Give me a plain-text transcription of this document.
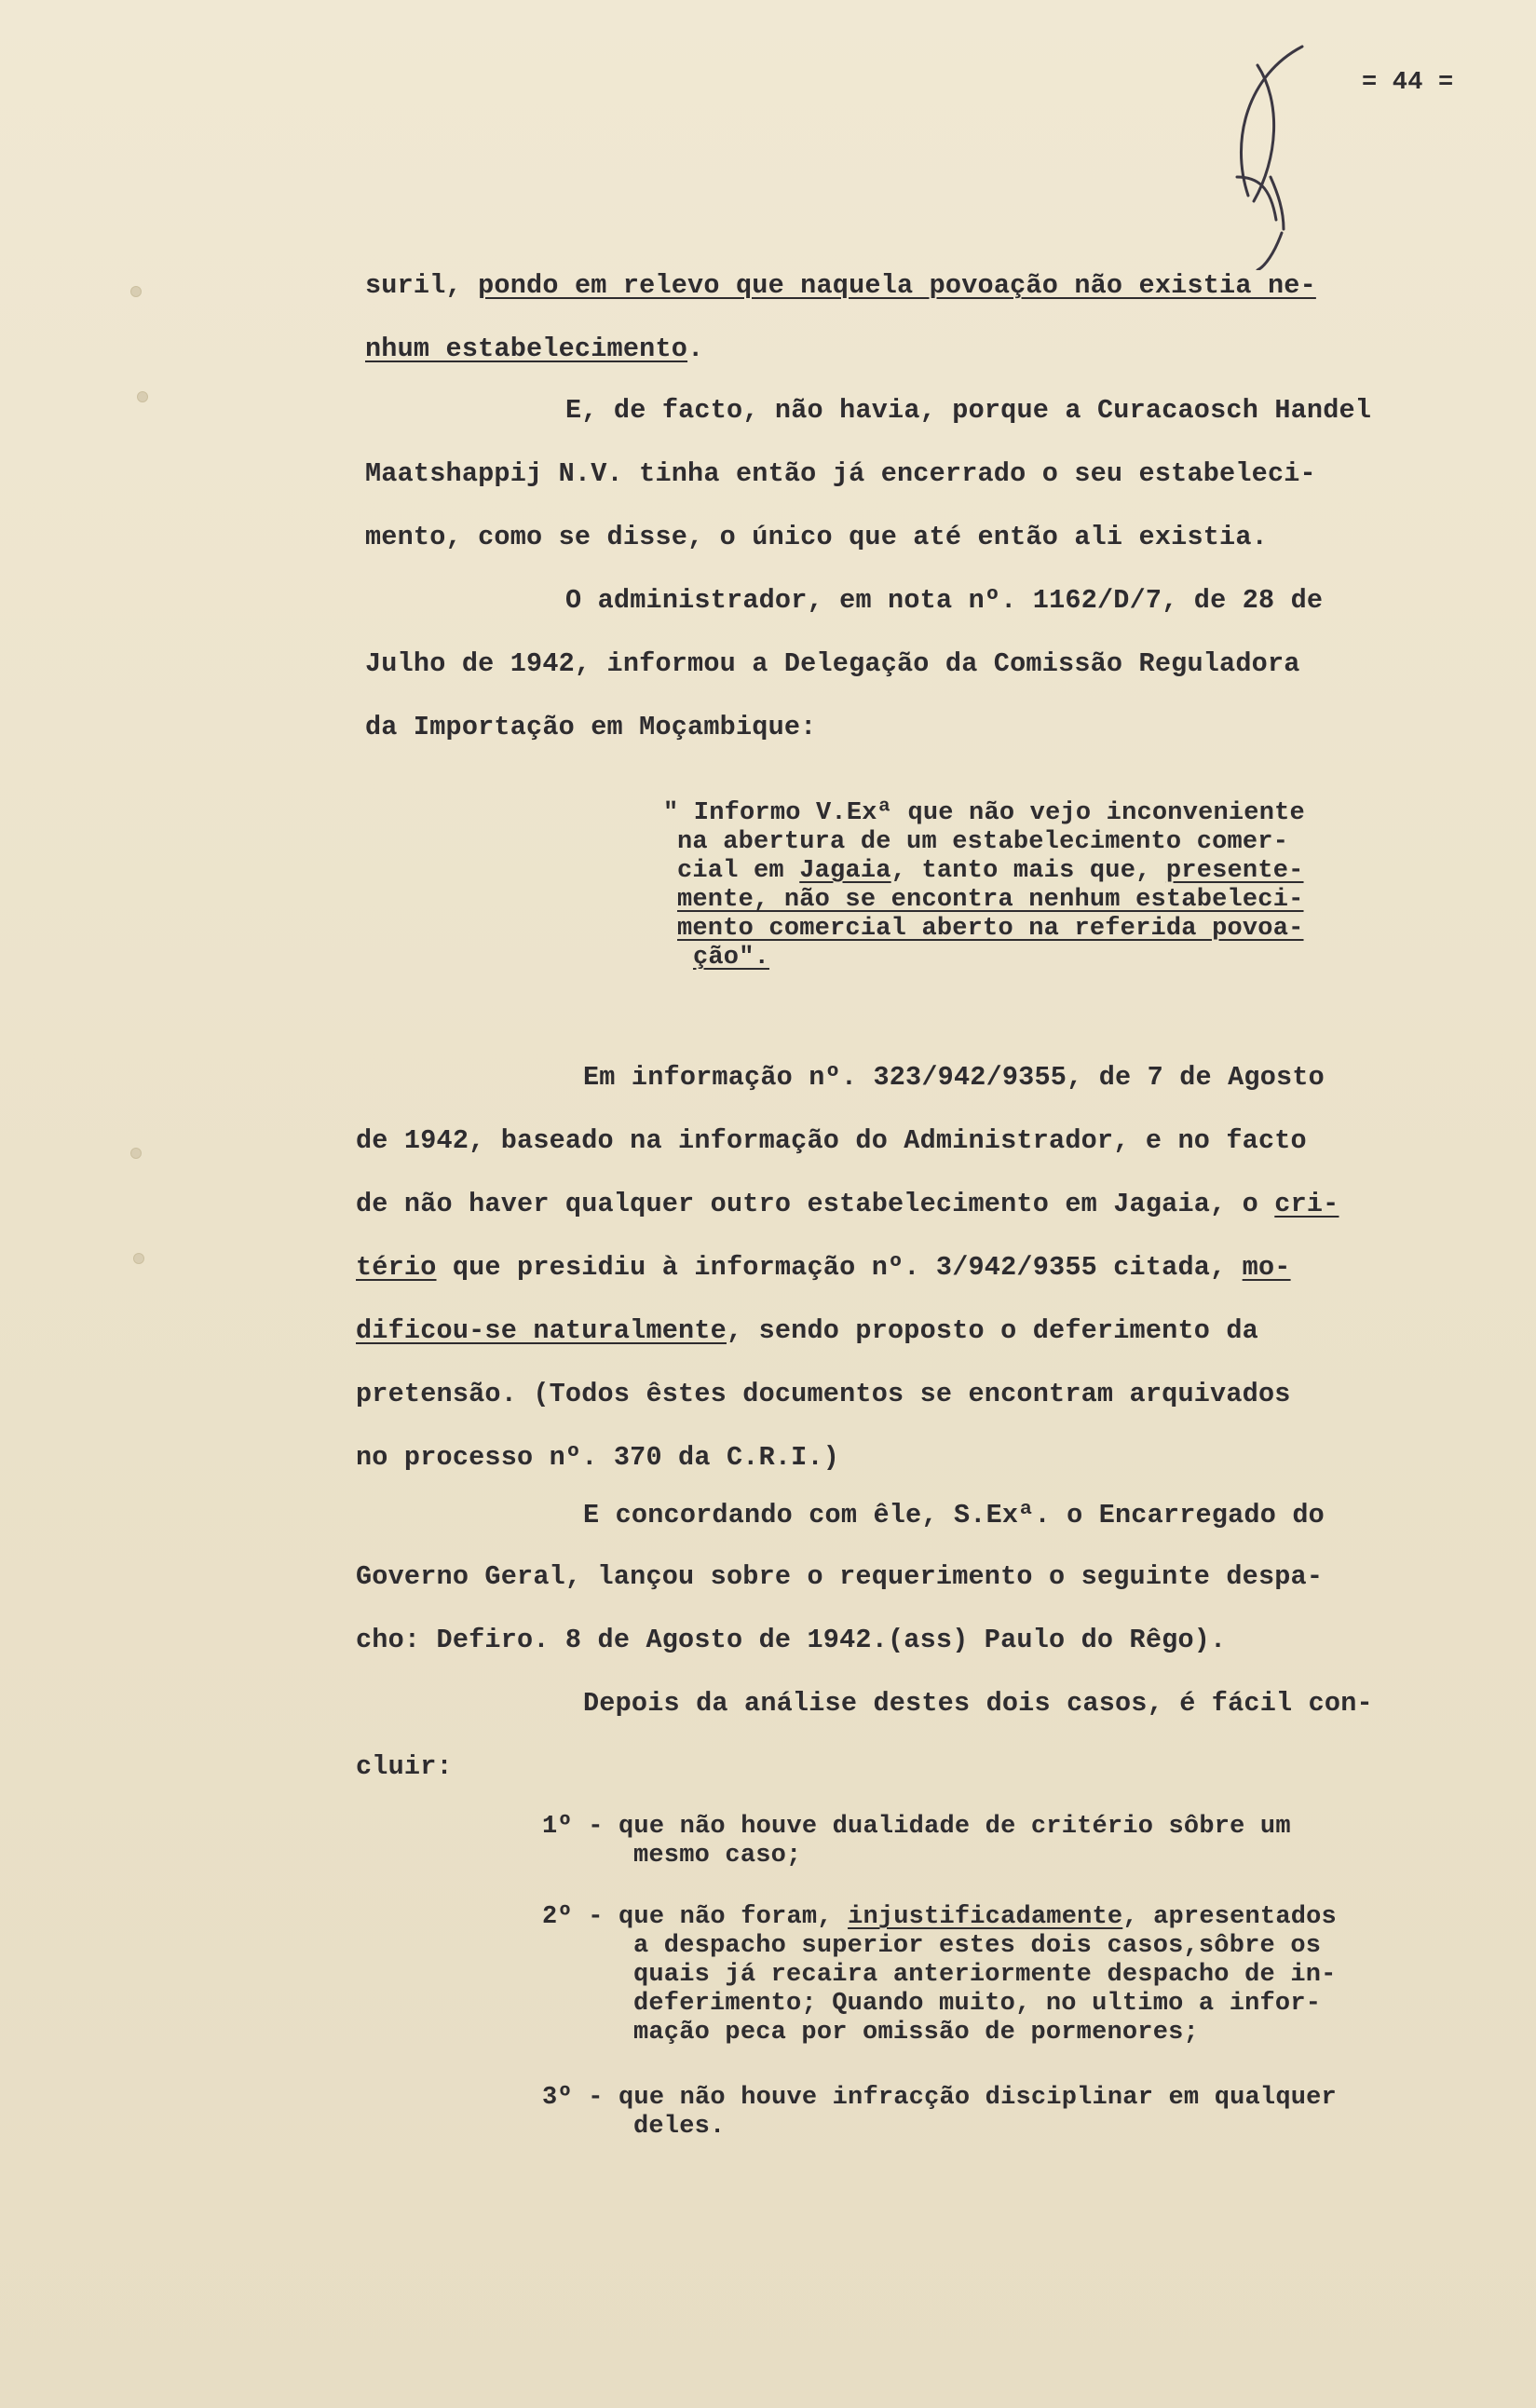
= 44 =

suril, pondo em relevo que naquela povoação não existia ne-

nhum estabelecimento.

E, de facto, não havia, porque a Curacaosch Handel

Maatshappij N.V. tinha então já encerrado o seu estabeleci-

mento, como se disse, o único que até então ali existia.

O administrador, em nota nº. 1162/D/7, de 28 de

Julho de 1942, informou a Delegação da Comissão Reguladora

da Importação em Moçambique:

" Informo V.Exª que não vejo inconveniente

na abertura de um estabelecimento comer-

cial em Jagaia, tanto mais que, presente-

mente, não se encontra nenhum estabeleci-

mento comercial aberto na referida povoa-

ção".

Em informação nº. 323/942/9355, de 7 de Agosto

de 1942, baseado na informação do Administrador, e no facto

de não haver qualquer outro estabelecimento em Jagaia, o cri-

tério que presidiu à informação nº. 3/942/9355 citada, mo-

dificou-se naturalmente, sendo proposto o deferimento da

pretensão. (Todos êstes documentos se encontram arquivados

no processo nº. 370 da C.R.I.)

E concordando com êle, S.Exª. o Encarregado do

Governo Geral, lançou sobre o requerimento o seguinte despa-

cho: Defiro. 8 de Agosto de 1942.(ass) Paulo do Rêgo).

Depois da análise destes dois casos, é fácil con-

cluir:

1º - que não houve dualidade de critério sôbre um

mesmo caso;

2º - que não foram, injustificadamente, apresentados

a despacho superior estes dois casos,sôbre os

quais já recaira anteriormente despacho de in-

deferimento; Quando muito, no ultimo a infor-

mação peca por omissão de pormenores;

3º - que não houve infracção disciplinar em qualquer

deles.
